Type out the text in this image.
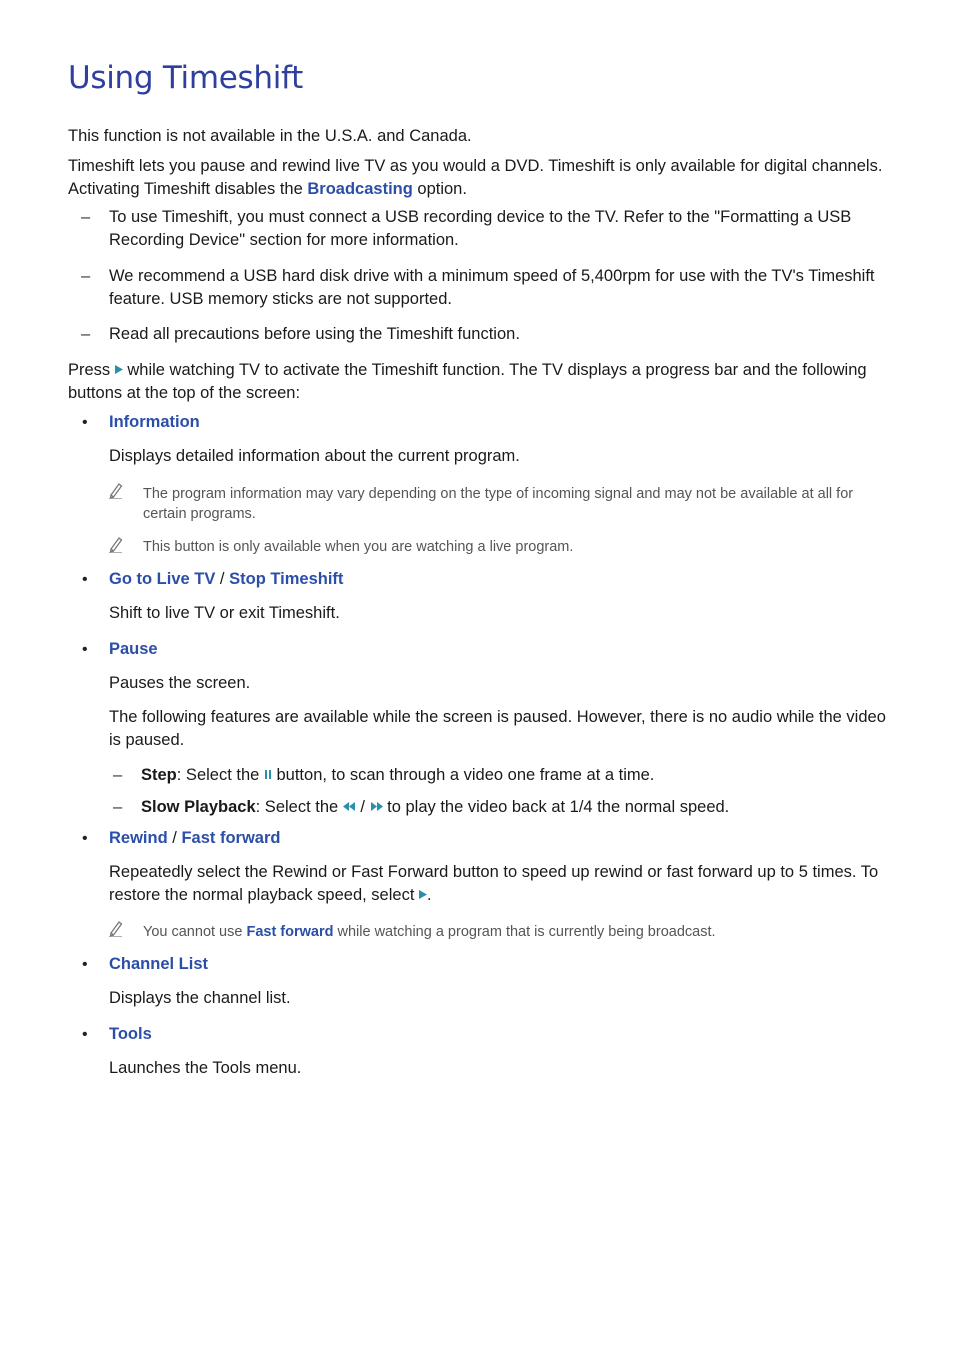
Using Timeshift

This function is not available in the U.S.A. and Canada.

Timeshift lets you pause and rewind live TV as you would a DVD. Timeshift is only available for digital channels. Activating Timeshift disables the Broadcasting option.

– To use Timeshift, you must connect a USB recording device to the TV. Refer to the "Formatting a USB Recording Device" section for more information.

– We recommend a USB hard disk drive with a minimum speed of 5,400rpm for use with the TV's Timeshift feature. USB memory sticks are not supported.

– Read all precautions before using the Timeshift function.

Press  while watching TV to activate the Timeshift function. The TV displays a progress bar and the following buttons at the top of the screen:

• Information

Displays detailed information about the current program.

The program information may vary depending on the type of incoming signal and may not be available at all for certain programs.

This button is only available when you are watching a live program.

• Go to Live TV / Stop Timeshift

Shift to live TV or exit Timeshift.

• Pause

Pauses the screen.

The following features are available while the screen is paused. However, there is no audio while the video is paused.

– Step: Select the  button, to scan through a video one frame at a time.

– Slow Playback: Select the  /  to play the video back at 1/4 the normal speed.

• Rewind / Fast forward

Repeatedly select the Rewind or Fast Forward button to speed up rewind or fast forward up to 5 times. To restore the normal playback speed, select .

You cannot use Fast forward while watching a program that is currently being broadcast.

• Channel List

Displays the channel list.

• Tools

Launches the Tools menu.
